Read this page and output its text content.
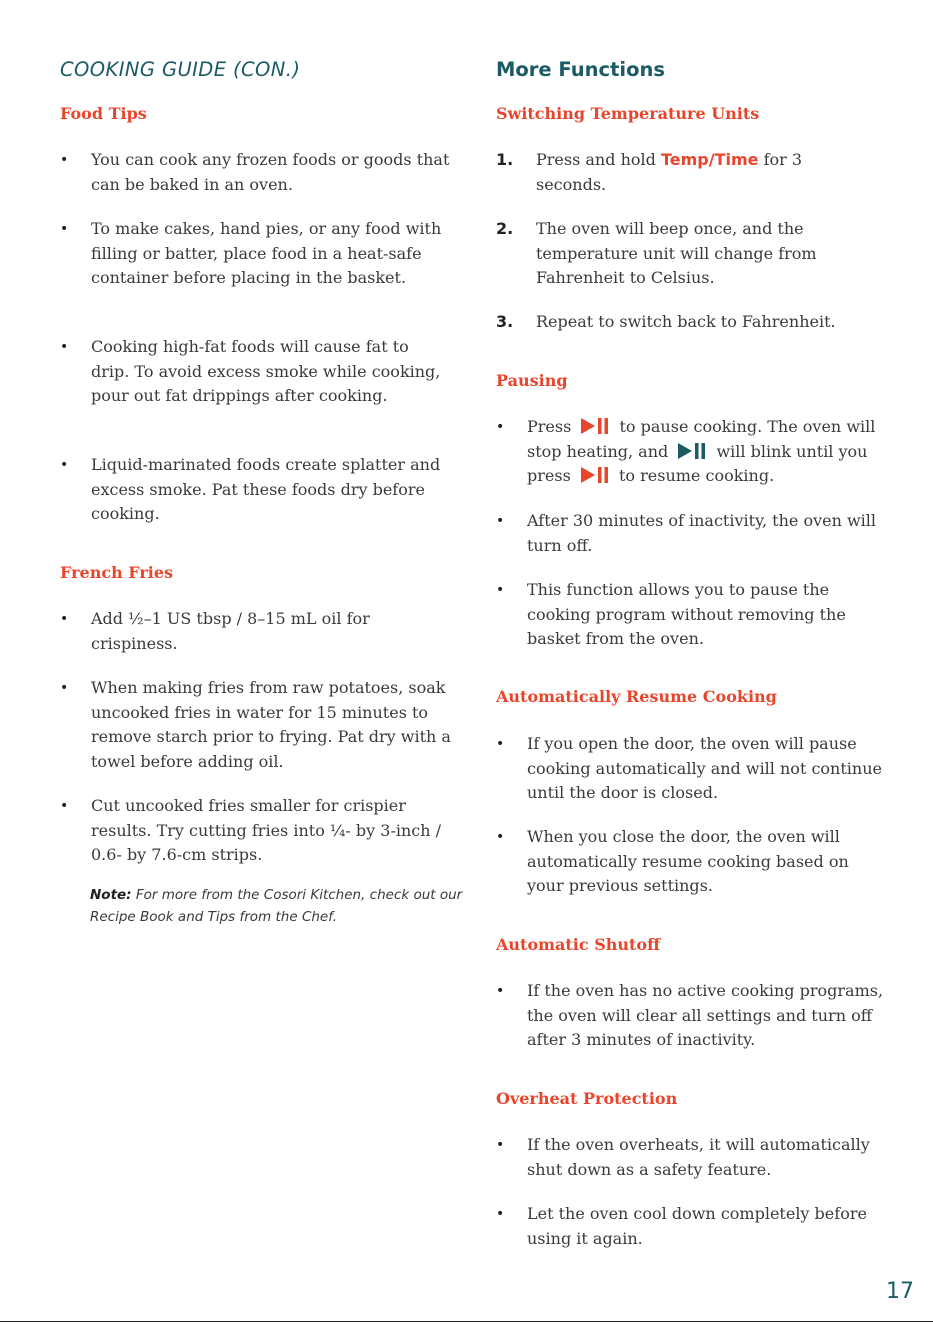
COOKING GUIDE (CON.)
Food Tips
• You can cook any frozen foods or goods that can be baked in an oven.
• To make cakes, hand pies, or any food with filling or batter, place food in a heat-safe container before placing in the basket.
• Cooking high-fat foods will cause fat to drip. To avoid excess smoke while cooking, pour out fat drippings after cooking.
• Liquid-marinated foods create splatter and excess smoke. Pat these foods dry before cooking.
French Fries
• Add ½–1 US tbsp / 8–15 mL oil for crispiness.
• When making fries from raw potatoes, soak uncooked fries in water for 15 minutes to remove starch prior to frying. Pat dry with a towel before adding oil.
• Cut uncooked fries smaller for crispier results. Try cutting fries into ¼- by 3-inch / 0.6- by 7.6-cm strips.
Note: For more from the Cosori Kitchen, check out our Recipe Book and Tips from the Chef.
More Functions
Switching Temperature Units
1. Press and hold Temp/Time for 3 seconds.
2. The oven will beep once, and the temperature unit will change from Fahrenheit to Celsius.
3. Repeat to switch back to Fahrenheit.
Pausing
• Press	to pause cooking. The oven will stop heating, and	will blink until you press	to resume cooking.
• After 30 minutes of inactivity, the oven will turn off.
• This function allows you to pause the cooking program without removing the basket from the oven.
Automatically Resume Cooking
• If you open the door, the oven will pause cooking automatically and will not continue until the door is closed.
• When you close the door, the oven will automatically resume cooking based on your previous settings.
Automatic Shutoff
• If the oven has no active cooking programs, the oven will clear all settings and turn off after 3 minutes of inactivity.
Overheat Protection
• If the oven overheats, it will automatically shut down as a safety feature.
• Let the oven cool down completely before using it again.
17
